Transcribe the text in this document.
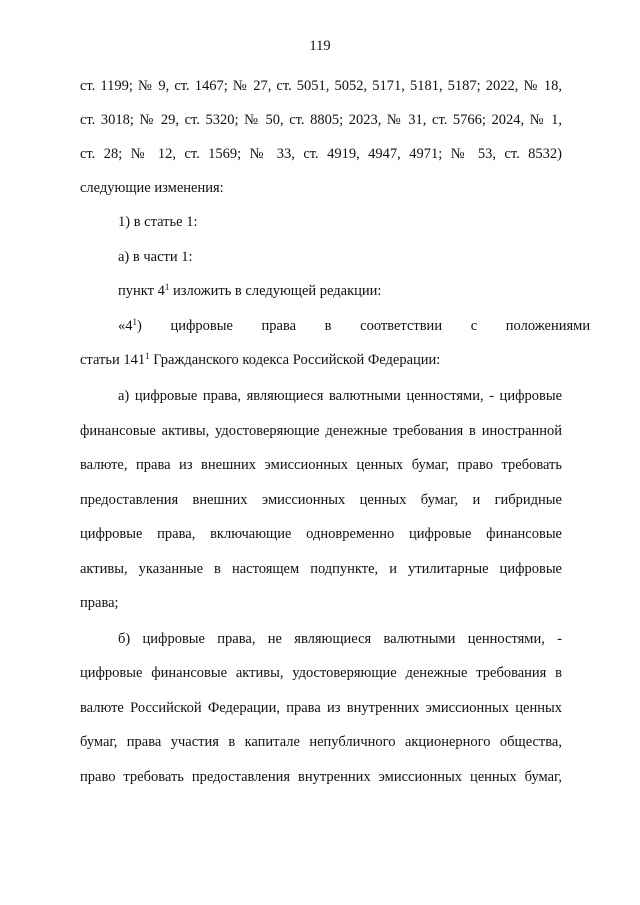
119
ст. 1199; № 9, ст. 1467; № 27, ст. 5051, 5052, 5171, 5181, 5187; 2022, № 18,
ст. 3018; № 29, ст. 5320; № 50, ст. 8805; 2023, № 31, ст. 5766; 2024, № 1,
ст. 28; № 12, ст. 1569; № 33, ст. 4919, 4947, 4971; № 53, ст. 8532)
следующие изменения:
1) в статье 1:
а) в части 1:
пункт $4^1$ изложить в следующей редакции:
«$4^1$) цифровые права в соответствии с положениями
статьи $141^1$ Гражданского кодекса Российской Федерации:
а) цифровые права, являющиеся валютными ценностями, - цифровые
финансовые активы, удостоверяющие денежные требования в иностранной
валюте, права из внешних эмиссионных ценных бумаг, право требовать
предоставления внешних эмиссионных ценных бумаг, и гибридные
цифровые права, включающие одновременно цифровые финансовые
активы, указанные в настоящем подпункте, и утилитарные цифровые
права;
б) цифровые права, не являющиеся валютными ценностями, -
цифровые финансовые активы, удостоверяющие денежные требования в
валюте Российской Федерации, права из внутренних эмиссионных ценных
бумаг, права участия в капитале непубличного акционерного общества,
право требовать предоставления внутренних эмиссионных ценных бумаг,
